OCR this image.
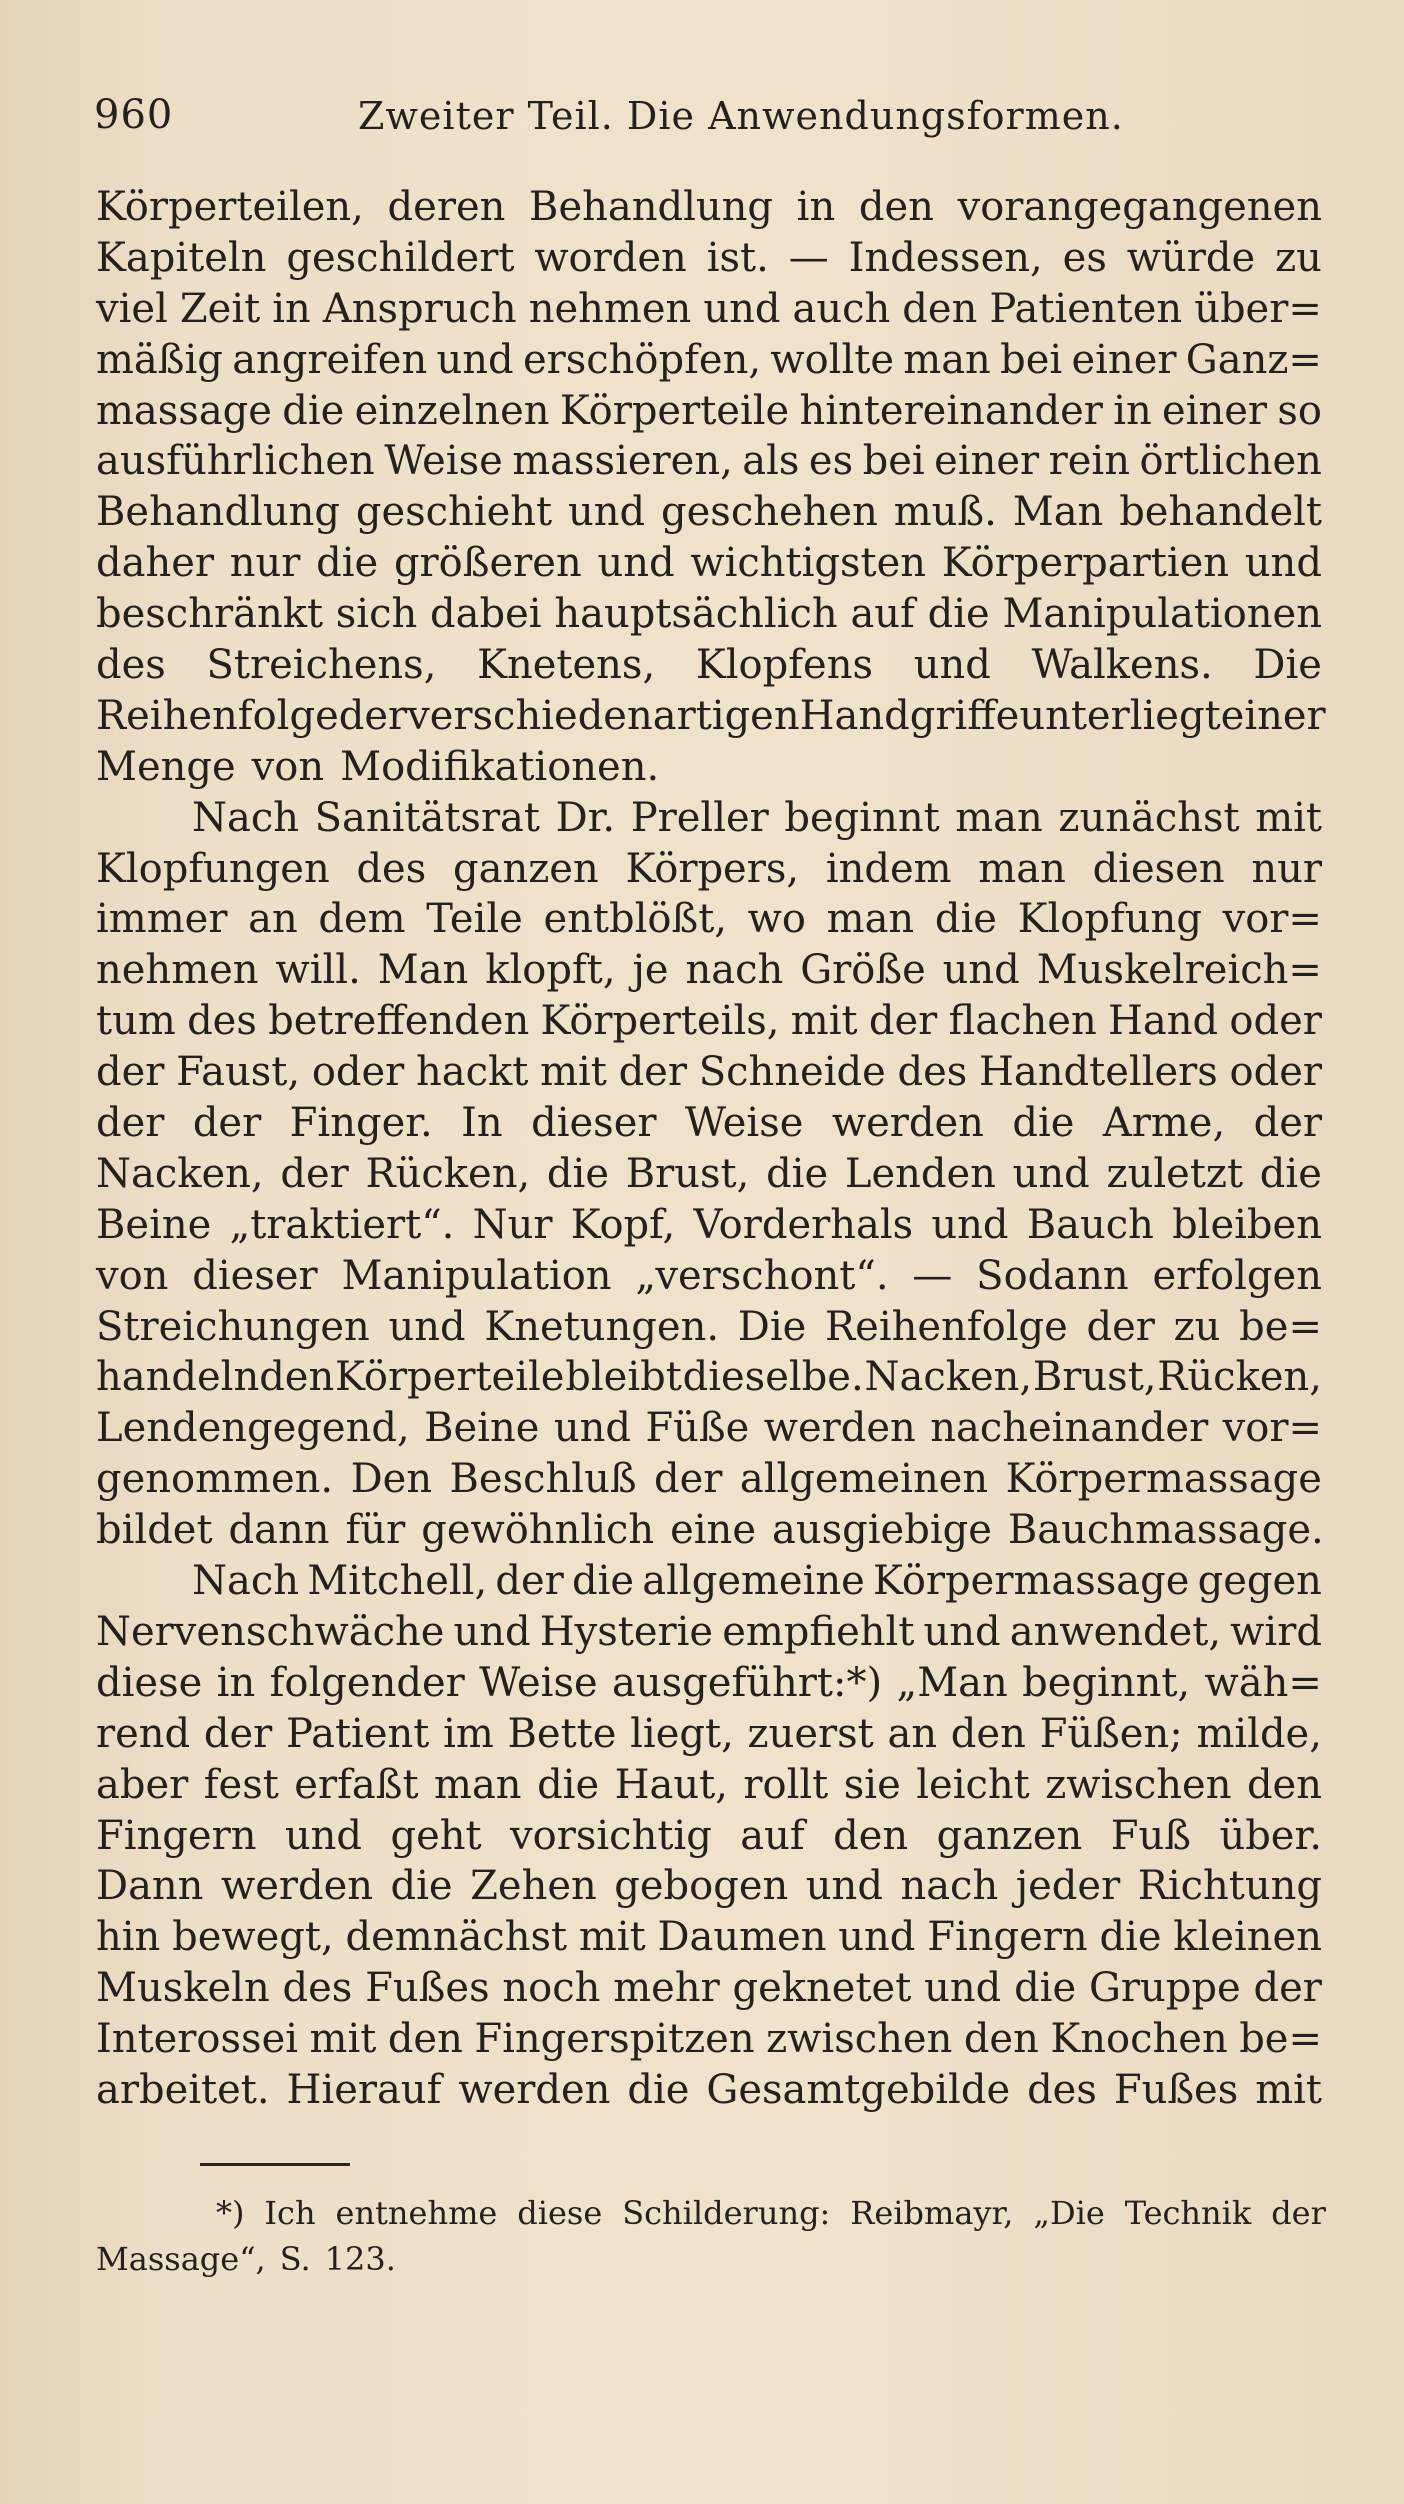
960	Zweiter Teil. Die Anwendungsformen.
Körperteilen, deren Behandlung in den vorangegangenen
Kapiteln geschildert worden ist. — Indessen, es würde zu
viel Zeit in Anspruch nehmen und auch den Patienten über=
mäßig angreifen und erschöpfen, wollte man bei einer Ganz=
massage die einzelnen Körperteile hintereinander in einer so
ausführlichen Weise massieren, als es bei einer rein örtlichen
Behandlung geschieht und geschehen muß. Man behandelt
daher nur die größeren und wichtigsten Körperpartien und
beschränkt sich dabei hauptsächlich auf die Manipulationen
des Streichens, Knetens, Klopfens und Walkens. Die
Reihenfolge der verschiedenartigen Handgriffe unterliegt einer
Menge von Modifikationen.
Nach Sanitätsrat Dr. Preller beginnt man zunächst mit
Klopfungen des ganzen Körpers, indem man diesen nur
immer an dem Teile entblößt, wo man die Klopfung vor=
nehmen will. Man klopft, je nach Größe und Muskelreich=
tum des betreffenden Körperteils, mit der flachen Hand oder
der Faust, oder hackt mit der Schneide des Handtellers oder
der der Finger. In dieser Weise werden die Arme, der
Nacken, der Rücken, die Brust, die Lenden und zuletzt die
Beine „traktiert“. Nur Kopf, Vorderhals und Bauch bleiben
von dieser Manipulation „verschont“. — Sodann erfolgen
Streichungen und Knetungen. Die Reihenfolge der zu be=
handelnden Körperteile bleibt dieselbe. Nacken, Brust, Rücken,
Lendengegend, Beine und Füße werden nacheinander vor=
genommen. Den Beschluß der allgemeinen Körpermassage
bildet dann für gewöhnlich eine ausgiebige Bauchmassage.
Nach Mitchell, der die allgemeine Körpermassage gegen
Nervenschwäche und Hysterie empfiehlt und anwendet, wird
diese in folgender Weise ausgeführt:*) „Man beginnt, wäh=
rend der Patient im Bette liegt, zuerst an den Füßen; milde,
aber fest erfaßt man die Haut, rollt sie leicht zwischen den
Fingern und geht vorsichtig auf den ganzen Fuß über.
Dann werden die Zehen gebogen und nach jeder Richtung
hin bewegt, demnächst mit Daumen und Fingern die kleinen
Muskeln des Fußes noch mehr geknetet und die Gruppe der
Interossei mit den Fingerspitzen zwischen den Knochen be=
arbeitet. Hierauf werden die Gesamtgebilde des Fußes mit
*) Ich entnehme diese Schilderung: Reibmayr, „Die Technik der
Massage“, S. 123.
